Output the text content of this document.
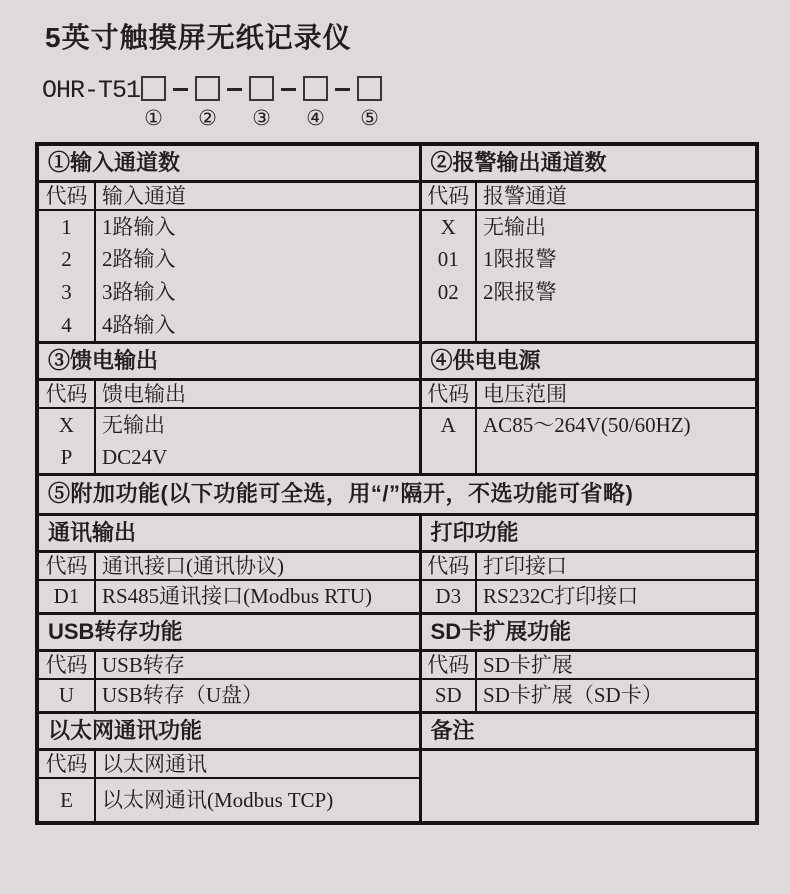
5英寸触摸屏无纸记录仪
OHR-T51
① ② ③ ④ ⑤
①输入通道数		②报警输出通道数	
代码	输入通道	代码	报警通道
1	1路输入	X	无输出
2	2路输入	01	1限报警
3	3路输入	02	2限报警
4	4路输入		
③馈电输出		④供电电源	
代码	馈电输出	代码	电压范围
X	无输出	A	AC85～264V(50/60HZ)
P	DC24V		
⑤附加功能(以下功能可全选，用“/”隔开，不选功能可省略)			
通讯输出		打印功能	
代码	通讯接口(通讯协议)	代码	打印接口
D1	RS485通讯接口(Modbus RTU)	D3	RS232C打印接口
USB转存功能		SD卡扩展功能	
代码	USB转存	代码	SD卡扩展
U	USB转存（U盘）	SD	SD卡扩展（SD卡）
以太网通讯功能		备注	
代码	以太网通讯		
E	以太网通讯(Modbus TCP)		
